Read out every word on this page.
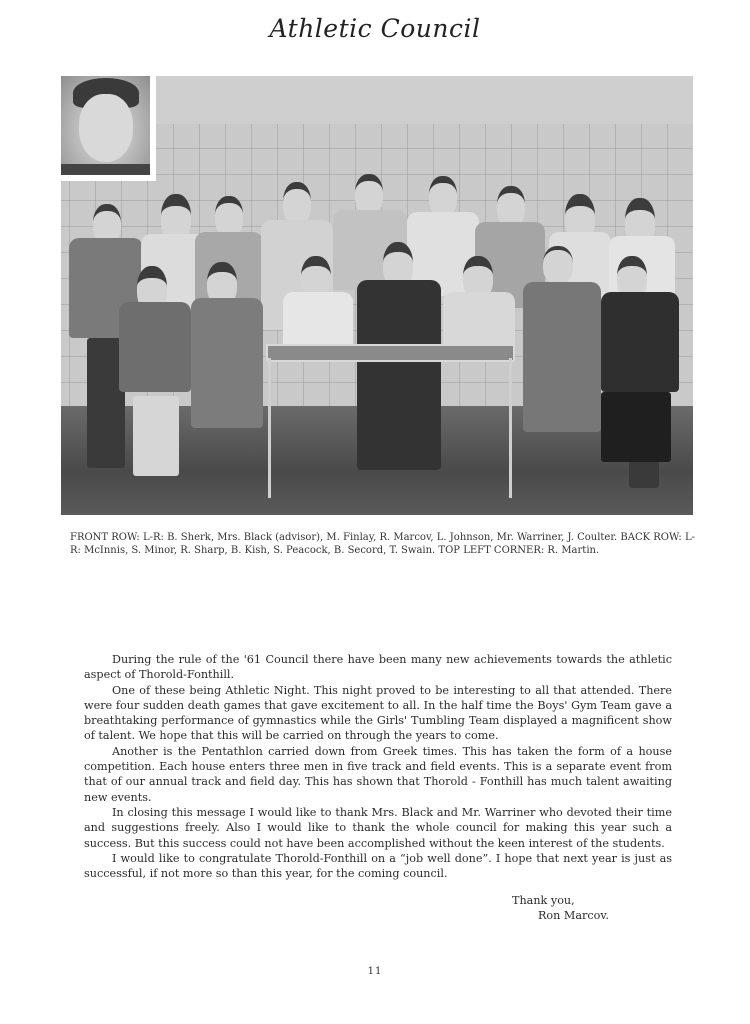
Athletic Council
FRONT ROW: L-R: B. Sherk, Mrs. Black (advisor), M. Finlay, R. Marcov, L. Johnson, Mr. Warriner, J. Coulter. BACK ROW: L-R: McInnis, S. Minor, R. Sharp, B. Kish, S. Peacock, B. Secord, T. Swain. TOP LEFT CORNER: R. Martin.

During the rule of the '61 Council there have been many new achievements towards the athletic aspect of Thorold-Fonthill.

One of these being Athletic Night. This night proved to be interesting to all that attended. There were four sudden death games that gave excitement to all. In the half time the Boys' Gym Team gave a breathtaking performance of gymnastics while the Girls' Tumbling Team displayed a magnificent show of talent. We hope that this will be carried on through the years to come.

Another is the Pentathlon carried down from Greek times. This has taken the form of a house competition. Each house enters three men in five track and field events. This is a separate event from that of our annual track and field day. This has shown that Thorold - Fonthill has much talent awaiting new events.

In closing this message I would like to thank Mrs. Black and Mr. Warriner who devoted their time and suggestions freely. Also I would like to thank the whole council for making this year such a success. But this success could not have been accomplished without the keen interest of the students.

I would like to congratulate Thorold-Fonthill on a “job well done”. I hope that next year is just as successful, if not more so than this year, for the coming council.

Thank you,
Ron Marcov.
11
